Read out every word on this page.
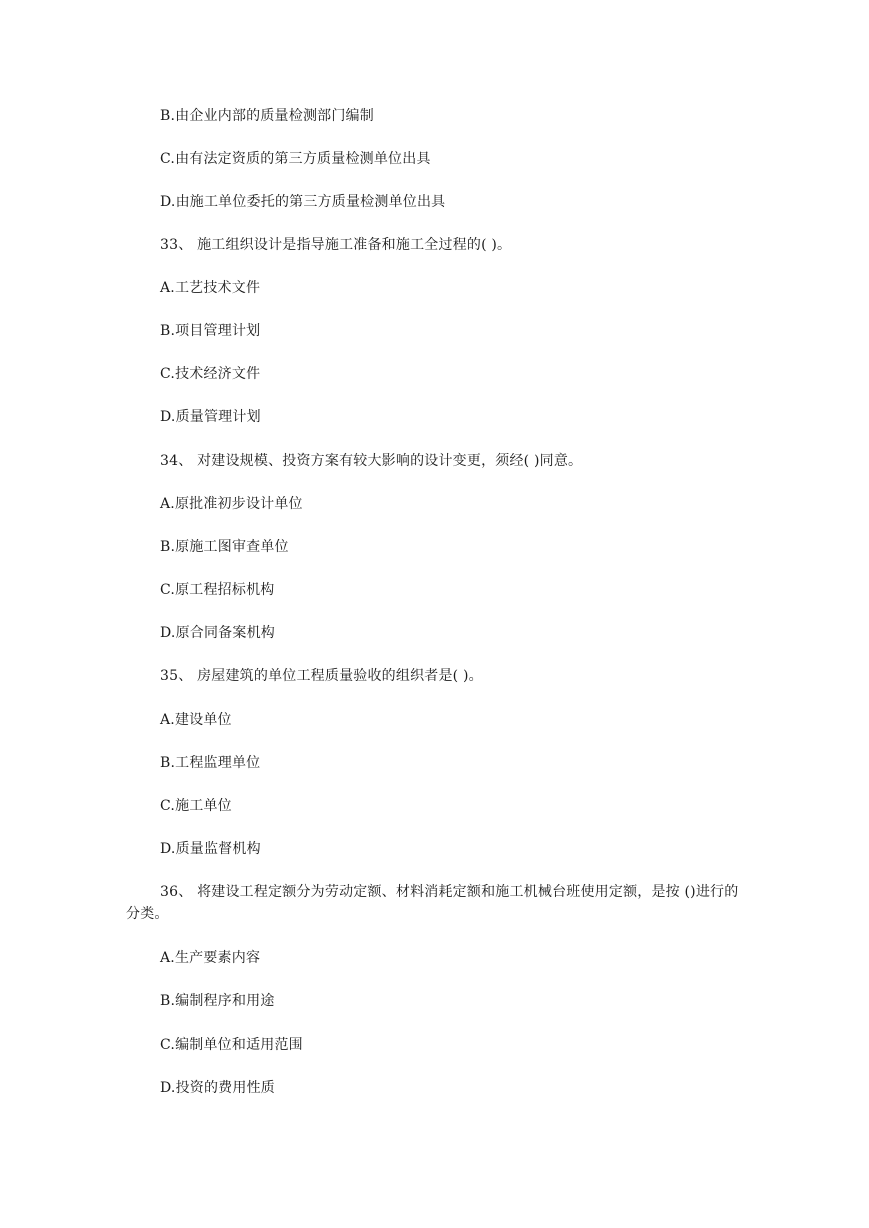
B.由企业内部的质量检测部门编制
C.由有法定资质的第三方质量检测单位出具
D.由施工单位委托的第三方质量检测单位出具
33、 施工组织设计是指导施工准备和施工全过程的( )。
A.工艺技术文件
B.项目管理计划
C.技术经济文件
D.质量管理计划
34、 对建设规模、投资方案有较大影响的设计变更，须经( )同意。
A.原批准初步设计单位
B.原施工图审查单位
C.原工程招标机构
D.原合同备案机构
35、 房屋建筑的单位工程质量验收的组织者是( )。
A.建设单位
B.工程监理单位
C.施工单位
D.质量监督机构
36、 将建设工程定额分为劳动定额、材料消耗定额和施工机械台班使用定额，是按 ()进行的分类。
A.生产要素内容
B.编制程序和用途
C.编制单位和适用范围
D.投资的费用性质
